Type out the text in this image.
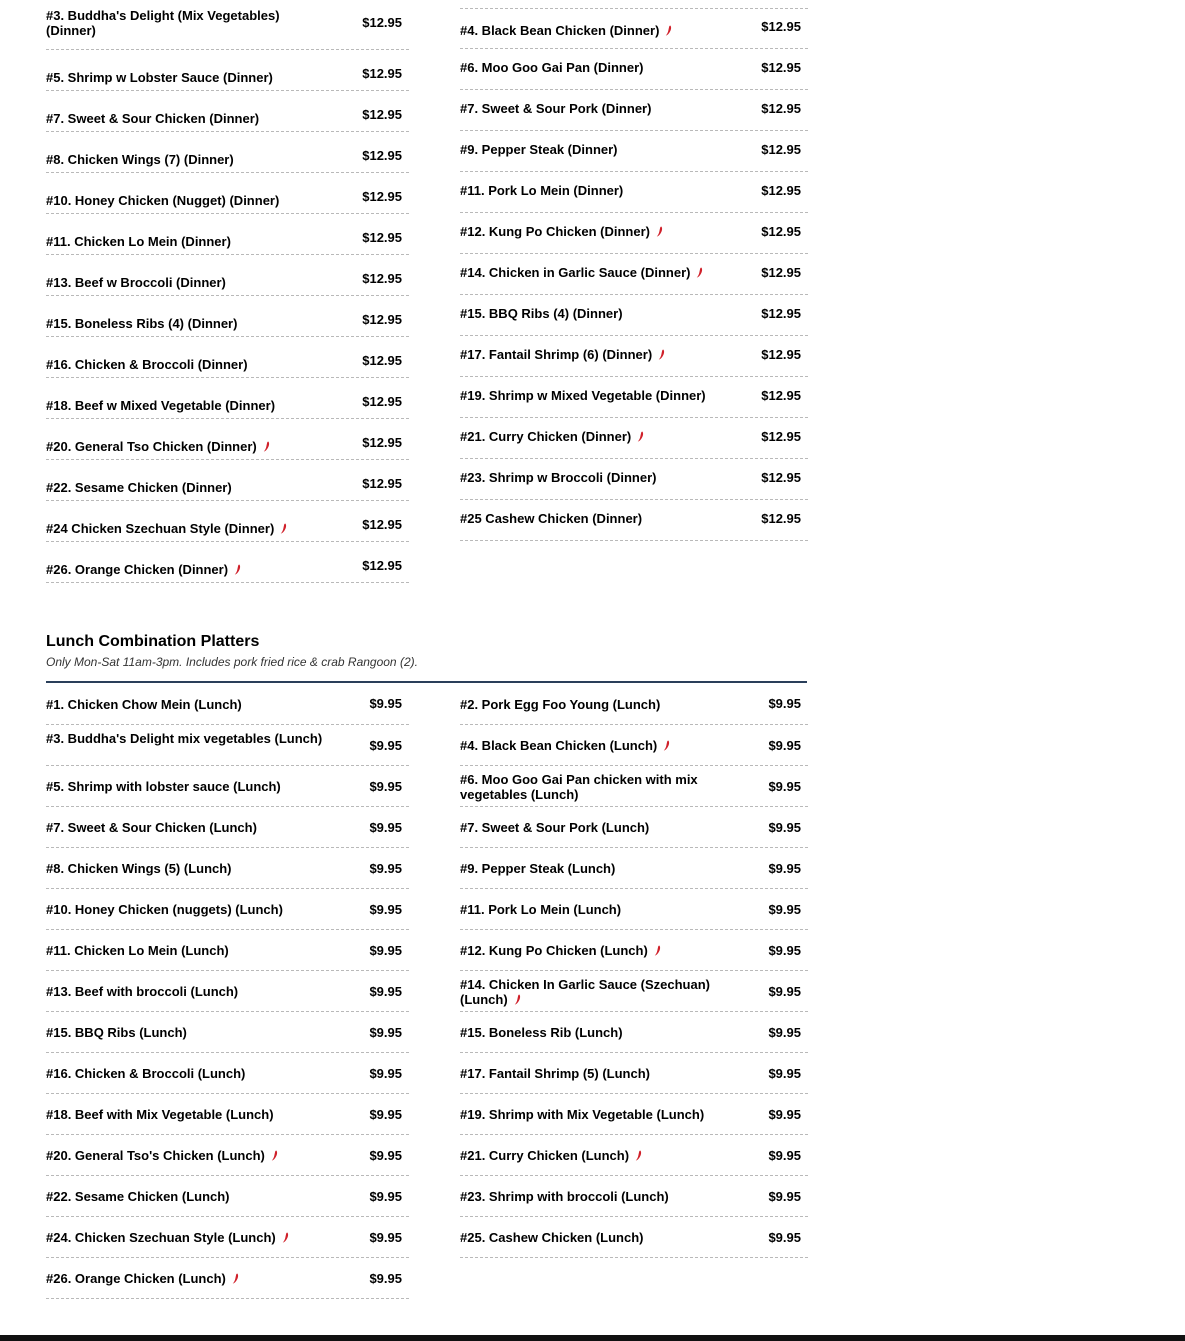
#3. Buddha's Delight (Mix Vegetables) (Dinner)
$12.95
#5. Shrimp w Lobster Sauce (Dinner)	$12.95
#7. Sweet & Sour Chicken (Dinner)	$12.95
#8. Chicken Wings (7) (Dinner)	$12.95
#10. Honey Chicken (Nugget) (Dinner)	$12.95
#11. Chicken Lo Mein (Dinner)	$12.95
#13. Beef w Broccoli (Dinner)	$12.95
#15. Boneless Ribs (4) (Dinner)	$12.95
#16. Chicken & Broccoli (Dinner)	$12.95
#18. Beef w Mixed Vegetable (Dinner)	$12.95
#20. General Tso Chicken (Dinner)	$12.95
#22. Sesame Chicken (Dinner)	$12.95
#24 Chicken Szechuan Style (Dinner)	$12.95
#26. Orange Chicken (Dinner)	$12.95
#4. Black Bean Chicken (Dinner)	$12.95
#6. Moo Goo Gai Pan (Dinner)	$12.95
#7. Sweet & Sour Pork (Dinner)	$12.95
#9. Pepper Steak (Dinner)	$12.95
#11. Pork Lo Mein (Dinner)	$12.95
#12. Kung Po Chicken (Dinner)	$12.95
#14. Chicken in Garlic Sauce (Dinner)	$12.95
#15. BBQ Ribs (4) (Dinner)	$12.95
#17. Fantail Shrimp (6) (Dinner)	$12.95
#19. Shrimp w Mixed Vegetable (Dinner)	$12.95
#21. Curry Chicken (Dinner)	$12.95
#23. Shrimp w Broccoli (Dinner)	$12.95
#25 Cashew Chicken (Dinner)	$12.95
Lunch Combination Platters
Only Mon-Sat 11am-3pm. Includes pork fried rice & crab Rangoon (2).
#1. Chicken Chow Mein (Lunch)	$9.95
#3. Buddha's Delight mix vegetables (Lunch)	$9.95
#5. Shrimp with lobster sauce (Lunch)	$9.95
#7. Sweet & Sour Chicken (Lunch)	$9.95
#8. Chicken Wings (5) (Lunch)	$9.95
#10. Honey Chicken (nuggets) (Lunch)	$9.95
#11. Chicken Lo Mein (Lunch)	$9.95
#13. Beef with broccoli (Lunch)	$9.95
#15. BBQ Ribs (Lunch)	$9.95
#16. Chicken & Broccoli (Lunch)	$9.95
#18. Beef with Mix Vegetable (Lunch)	$9.95
#20. General Tso's Chicken (Lunch)	$9.95
#22. Sesame Chicken (Lunch)	$9.95
#24. Chicken Szechuan Style (Lunch)	$9.95
#26. Orange Chicken (Lunch)	$9.95
#2. Pork Egg Foo Young (Lunch)	$9.95
#4. Black Bean Chicken (Lunch)	$9.95
#6. Moo Goo Gai Pan chicken with mix vegetables (Lunch)
$9.95
#7. Sweet & Sour Pork (Lunch)	$9.95
#9. Pepper Steak (Lunch)	$9.95
#11. Pork Lo Mein (Lunch)	$9.95
#12. Kung Po Chicken (Lunch)	$9.95
#14. Chicken In Garlic Sauce (Szechuan) (Lunch)
$9.95
#15. Boneless Rib (Lunch)	$9.95
#17. Fantail Shrimp (5) (Lunch)	$9.95
#19. Shrimp with Mix Vegetable (Lunch)	$9.95
#21. Curry Chicken (Lunch)	$9.95
#23. Shrimp with broccoli (Lunch)	$9.95
#25. Cashew Chicken (Lunch)	$9.95
